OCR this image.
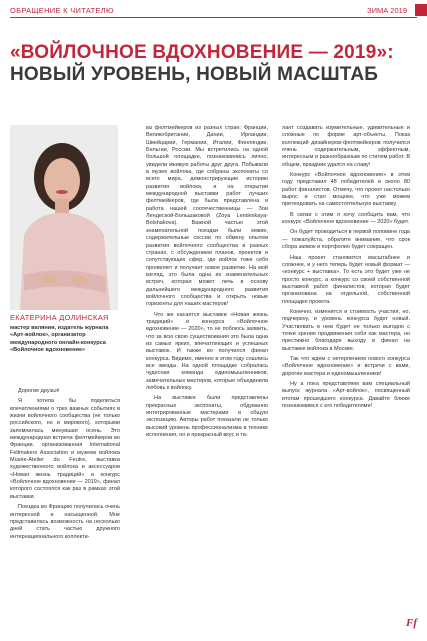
ОБРАЩЕНИЕ К ЧИТАТЕЛЮ	ЗИМА 2019
«ВОЙЛОЧНОЕ ВДОХНОВЕНИЕ — 2019»:
НОВЫЙ УРОВЕНЬ, НОВЫЙ МАСШТАБ
ЕКАТЕРИНА ДОЛИНСКАЯ
мастер валяния, издатель журнала «Арт-войлок», организатор международного онлайн-конкурса «Войлочное вдохновение»

Дорогие друзья!

Я хотела бы поделиться впечатлениями о трех важных событиях в жизни войлочного сообщества (не только российского, но и мирового), которыми запомнилась минувшая осень. Это международная встреча фелтмейкеров во Франции, организованная International Feltmakers Association и музеем войлока Musée-Atelier du Feutre, выставка художественного войлока и аксессуаров «Новая жизнь традиций» и конкурс «Войлочное вдохновение — 2019», финал которого состоялся как раз в рамках этой выставки.

Поездка во Францию получилась очень интересной и насыщенной. Мне представилась возможность на несколько дней стать частью дружного интернационального коллекти-

ва фелтмейкеров из разных стран: Франции, Великобритании, Дании, Ирландии, Швейцарии, Германии, Италии, Финляндии, Бельгии, России. Мы встретились на одной большой площадке, познакомились лично, увидели вживую работы друг друга. Побывали в музее войлока, где собраны экспонаты со всего мира, демонстрирующие историю развития войлока, и на открытии международной выставки работ лучших фелтмейкеров, где была представлена и работа нашей соотечественницы — Зои Лендеской-Большаковой (Zoya Lendeskaya-Bolshakova). Важной частью этой знаменательной поездки были емкие, содержательные сессии по обмену опытом развития войлочного сообщества в разных странах, с обсуждением планов, проектов и сопутствующих сфер, где войлок тоже себя проявляет и получает новое развитие. На мой взгляд, это была одна из знаменательных встреч, которая может лечь в основу дальнейшего международного развития войлочного сообщества и открыть новые горизонты для наших мастеров!

Что же касается выставки «Новая жизнь традиций» и конкурса «Войлочное вдохновение — 2020», то не побоюсь заявить, что за всю свою существования это была одна из самых ярких, впечатляющих и успешных выставок. И также во получился финал конкурса. Видимо, именно в этом году сошлись все звезды. На одной площадке собралась чудесная команда единомышленников, замечательных мастеров, которые объединила любовь к войлоку.

На выставке были представлены прекрасные экспонаты, обдуманно интегрированные мастерами и общую экспозицию. Авторы работ показали не только высокий уровень профессионализма в технике исполнения, но и прекрасный вкус и та-

лант создавать изумительные, удивительные и сложные по форме арт-объекты. Показ коллекций дизайнеров-фелтмейкеров получился очень содержательным, эффектным, интересным и разнообразным по стилям работ. В общем, праздник удался на славу!

Конкурс «Войлочное вдохновение» в этом году представил 48 победителей и около 80 работ финалистов. Отмечу, что проект настолько вырос и стал мощнее, что уже можем претендовать на самостоятельную выставку.

В связи с этим я хочу сообщить вам, что конкурс «Войлочное вдохновение — 2020» будет.

Он будет проводиться в первой половине года — пожалуйста, обратите внимание, что срок сбора заявок и портфолио будет сокращен.

Наш проект становится масштабнее и сложнее, и у него теперь будет новый формат — «конкурс + выставка». То есть это будет уже не просто конкурс, а конкурс со своей собственной выставкой работ финалистов, которая будет организована на отдельной, собственной площадке проекта.

Конечно, изменится и стоимость участия, но, подчеркну, и уровень конкурса будет новый. Участвовать в нем будет не только выгодно с точки зрения продвижения себя как мастера, но престижно благодаря выходу в финал на выставке войлока в Москве.

Так что ждем с нетерпением нового конкурса «Войлочное вдохновение» и встречи с вами, дорогие мастера и единомышленники!

Ну а пока представляем вам специальный выпуск журнала «Арт-войлок», посвященный итогам прошедшего конкурса. Давайте ближе познакомимся с его победителями!

Ff
